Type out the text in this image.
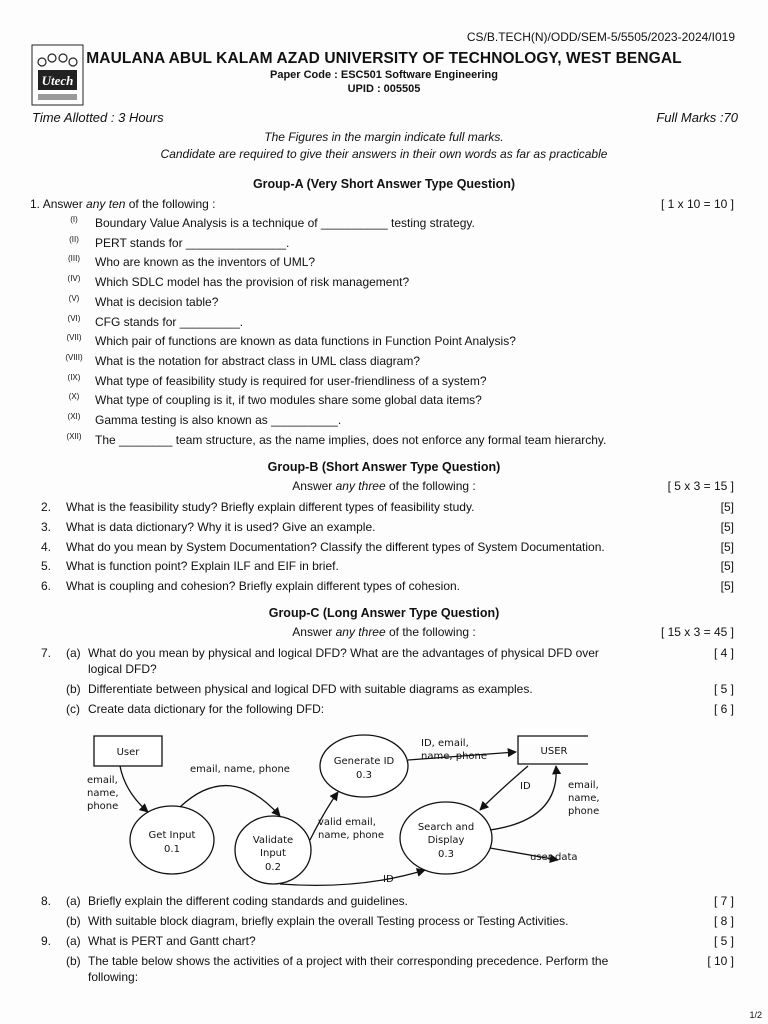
CS/B.TECH(N)/ODD/SEM-5/5505/2023-2024/I019
Utech
MAULANA ABUL KALAM AZAD UNIVERSITY OF TECHNOLOGY, WEST BENGAL
Paper Code : ESC501 Software Engineering
UPID : 005505
Time Allotted : 3 Hours	Full Marks :70
The Figures in the margin indicate full marks.
Candidate are required to give their answers in their own words as far as practicable
Group-A (Very Short Answer Type Question)
1. Answer any ten of the following :	[ 1 x 10 = 10 ]
Group-B (Short Answer Type Question)
Answer any three of the following :	[ 5 x 3 = 15 ]
Group-C (Long Answer Type Question)
Answer any three of the following :	[ 15 x 3 = 45 ]
7. (a) What do you mean by physical and logical DFD? What are the advantages of physical DFD over
logical DFD?
[ 4 ]
(b) Differentiate between physical and logical DFD with suitable diagrams as examples.	[ 5 ]
(c) Create data dictionary for the following DFD:	[ 6 ]
User	USER
Get Input
0.1
Validate
Input
0.2
Generate ID
0.3
Search and
Display
0.3
email,
name,
phone
email, name, phone
valid email,
name, phone
ID, email,
name, phone
ID	email,
name,
phone
user data
ID
8. (a) Briefly explain the different coding standards and guidelines.	[ 7 ]
(b) With suitable block diagram, briefly explain the overall Testing process or Testing Activities.	[ 8 ]
9. (a) What is PERT and Gantt chart?	[ 5 ]
(b) The table below shows the activities of a project with their corresponding precedence. Perform the
following:
[ 10 ]
1/2
(I)	Boundary Value Analysis is a technique of __________ testing strategy.
(II)	PERT stands for _______________.
(III)	Who are known as the inventors of UML?
(IV)	Which SDLC model has the provision of risk management?
(V)	What is decision table?
(VI)	CFG stands for _________.
(VII)	Which pair of functions are known as data functions in Function Point Analysis?
(VIII)	What is the notation for abstract class in UML class diagram?
(IX)	What type of feasibility study is required for user-friendliness of a system?
(X)	What type of coupling is it, if two modules share some global data items?
(XI)	Gamma testing is also known as __________.
(XII)	The ________ team structure, as the name implies, does not enforce any formal team hierarchy.
2. What is the feasibility study? Briefly explain different types of feasibility study.	[5]
3. What is data dictionary? Why it is used? Give an example.	[5]
4. What do you mean by System Documentation? Classify the different types of System Documentation.	[5]
5. What is function point? Explain ILF and EIF in brief.	[5]
6. What is coupling and cohesion? Briefly explain different types of cohesion.	[5]
